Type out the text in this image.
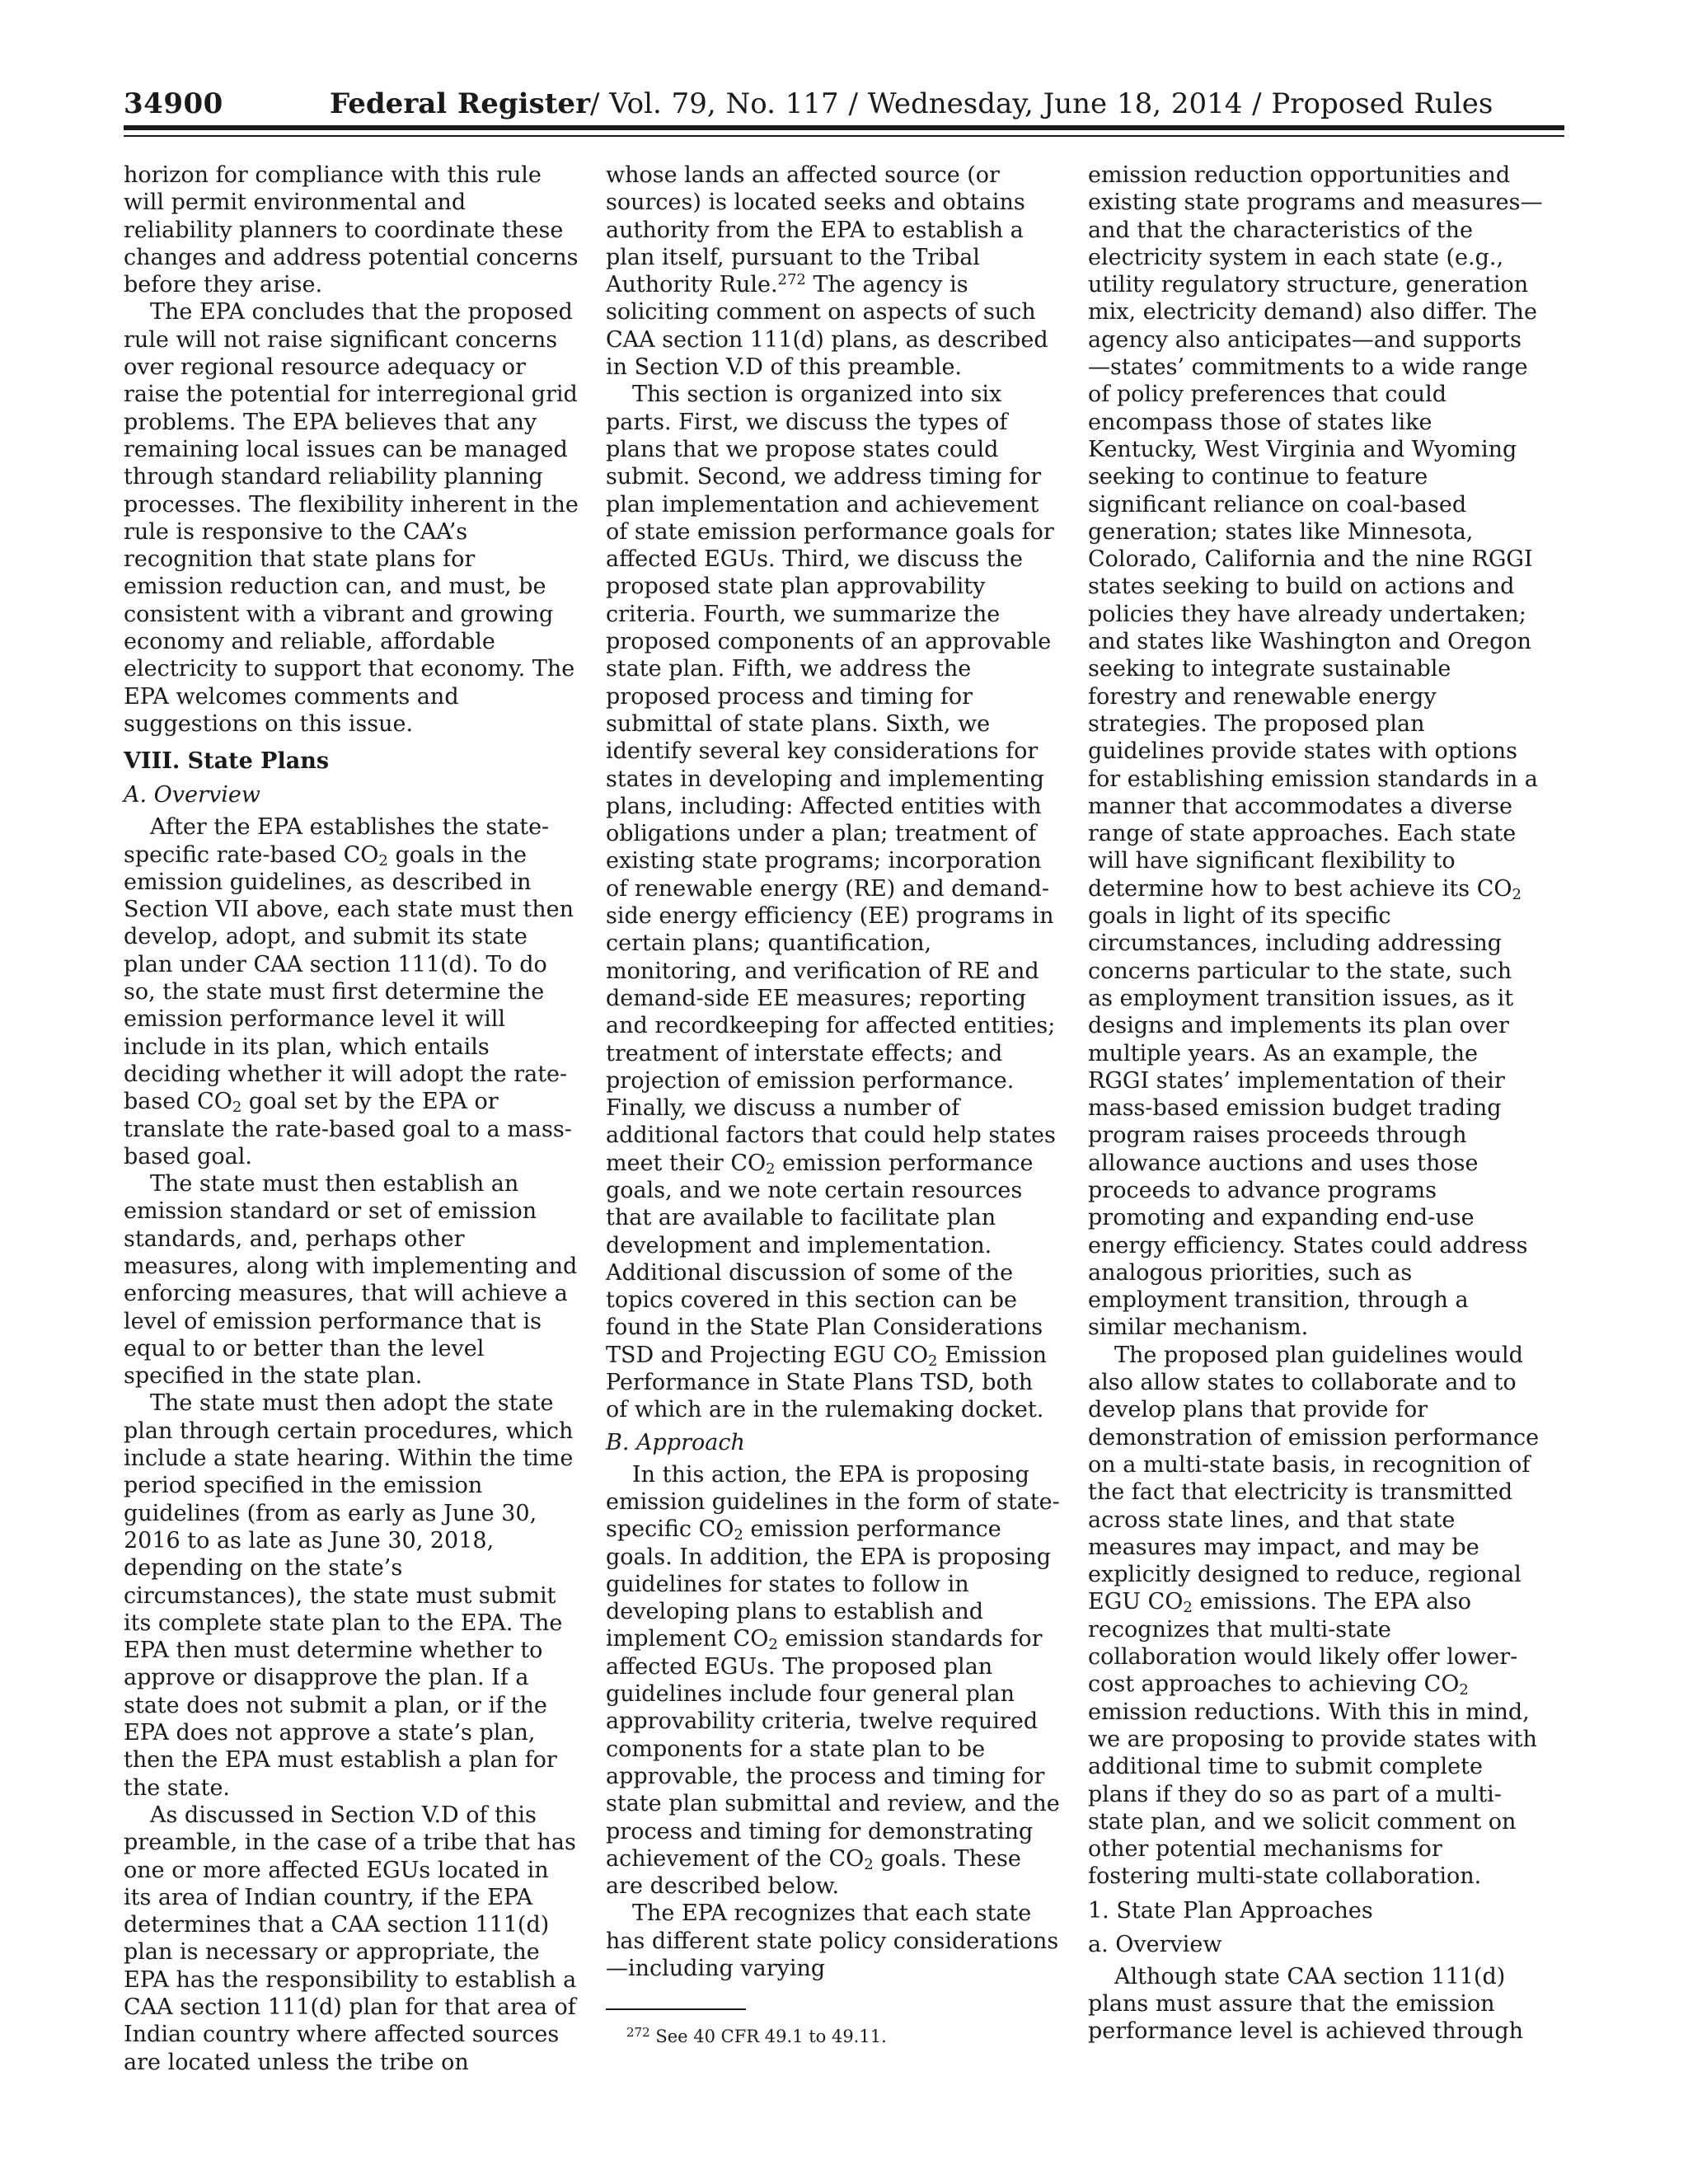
34900	Federal Register/ Vol. 79, No. 117 / Wednesday, June 18, 2014 / Proposed Rules

horizon for compliance with this rule will permit environmental and reliability planners to coordinate these changes and address potential concerns before they arise.

The EPA concludes that the proposed rule will not raise significant concerns over regional resource adequacy or raise the potential for interregional grid problems. The EPA believes that any remaining local issues can be managed through standard reliability planning processes. The flexibility inherent in the rule is responsive to the CAA’s recognition that state plans for emission reduction can, and must, be consistent with a vibrant and growing economy and reliable, affordable electricity to support that economy. The EPA welcomes comments and suggestions on this issue.

VIII. State Plans
A. Overview

After the EPA establishes the state-specific rate-based $CO_2$ goals in the emission guidelines, as described in Section VII above, each state must then develop, adopt, and submit its state plan under CAA section 111(d). To do so, the state must first determine the emission performance level it will include in its plan, which entails deciding whether it will adopt the rate-based $CO_2$ goal set by the EPA or translate the rate-based goal to a mass-based goal.

The state must then establish an emission standard or set of emission standards, and, perhaps other measures, along with implementing and enforcing measures, that will achieve a level of emission performance that is equal to or better than the level specified in the state plan.

The state must then adopt the state plan through certain procedures, which include a state hearing. Within the time period specified in the emission guidelines (from as early as June 30, 2016 to as late as June 30, 2018, depending on the state’s circumstances), the state must submit its complete state plan to the EPA. The EPA then must determine whether to approve or disapprove the plan. If a state does not submit a plan, or if the EPA does not approve a state’s plan, then the EPA must establish a plan for the state.

As discussed in Section V.D of this preamble, in the case of a tribe that has one or more affected EGUs located in its area of Indian country, if the EPA determines that a CAA section 111(d) plan is necessary or appropriate, the EPA has the responsibility to establish a CAA section 111(d) plan for that area of Indian country where affected sources are located unless the tribe on

whose lands an affected source (or sources) is located seeks and obtains authority from the EPA to establish a plan itself, pursuant to the Tribal Authority Rule.$^{272}$ The agency is soliciting comment on aspects of such CAA section 111(d) plans, as described in Section V.D of this preamble.

This section is organized into six parts. First, we discuss the types of plans that we propose states could submit. Second, we address timing for plan implementation and achievement of state emission performance goals for affected EGUs. Third, we discuss the proposed state plan approvability criteria. Fourth, we summarize the proposed components of an approvable state plan. Fifth, we address the proposed process and timing for submittal of state plans. Sixth, we identify several key considerations for states in developing and implementing plans, including: Affected entities with obligations under a plan; treatment of existing state programs; incorporation of renewable energy (RE) and demand-side energy efficiency (EE) programs in certain plans; quantification, monitoring, and verification of RE and demand-side EE measures; reporting and recordkeeping for affected entities; treatment of interstate effects; and projection of emission performance. Finally, we discuss a number of additional factors that could help states meet their $CO_2$ emission performance goals, and we note certain resources that are available to facilitate plan development and implementation. Additional discussion of some of the topics covered in this section can be found in the State Plan Considerations TSD and Projecting EGU $CO_2$ Emission Performance in State Plans TSD, both of which are in the rulemaking docket.

B. Approach

In this action, the EPA is proposing emission guidelines in the form of state-specific $CO_2$ emission performance goals. In addition, the EPA is proposing guidelines for states to follow in developing plans to establish and implement $CO_2$ emission standards for affected EGUs. The proposed plan guidelines include four general plan approvability criteria, twelve required components for a state plan to be approvable, the process and timing for state plan submittal and review, and the process and timing for demonstrating achievement of the $CO_2$ goals. These are described below.

The EPA recognizes that each state has different state policy considerations—including varying

$^{272}$ See 40 CFR 49.1 to 49.11.

emission reduction opportunities and existing state programs and measures—and that the characteristics of the electricity system in each state (e.g., utility regulatory structure, generation mix, electricity demand) also differ. The agency also anticipates—and supports—states’ commitments to a wide range of policy preferences that could encompass those of states like Kentucky, West Virginia and Wyoming seeking to continue to feature significant reliance on coal-based generation; states like Minnesota, Colorado, California and the nine RGGI states seeking to build on actions and policies they have already undertaken; and states like Washington and Oregon seeking to integrate sustainable forestry and renewable energy strategies. The proposed plan guidelines provide states with options for establishing emission standards in a manner that accommodates a diverse range of state approaches. Each state will have significant flexibility to determine how to best achieve its $CO_2$ goals in light of its specific circumstances, including addressing concerns particular to the state, such as employment transition issues, as it designs and implements its plan over multiple years. As an example, the RGGI states’ implementation of their mass-based emission budget trading program raises proceeds through allowance auctions and uses those proceeds to advance programs promoting and expanding end-use energy efficiency. States could address analogous priorities, such as employment transition, through a similar mechanism.

The proposed plan guidelines would also allow states to collaborate and to develop plans that provide for demonstration of emission performance on a multi-state basis, in recognition of the fact that electricity is transmitted across state lines, and that state measures may impact, and may be explicitly designed to reduce, regional EGU $CO_2$ emissions. The EPA also recognizes that multi-state collaboration would likely offer lower-cost approaches to achieving $CO_2$ emission reductions. With this in mind, we are proposing to provide states with additional time to submit complete plans if they do so as part of a multi-state plan, and we solicit comment on other potential mechanisms for fostering multi-state collaboration.

1. State Plan Approaches
a. Overview

Although state CAA section 111(d) plans must assure that the emission performance level is achieved through
